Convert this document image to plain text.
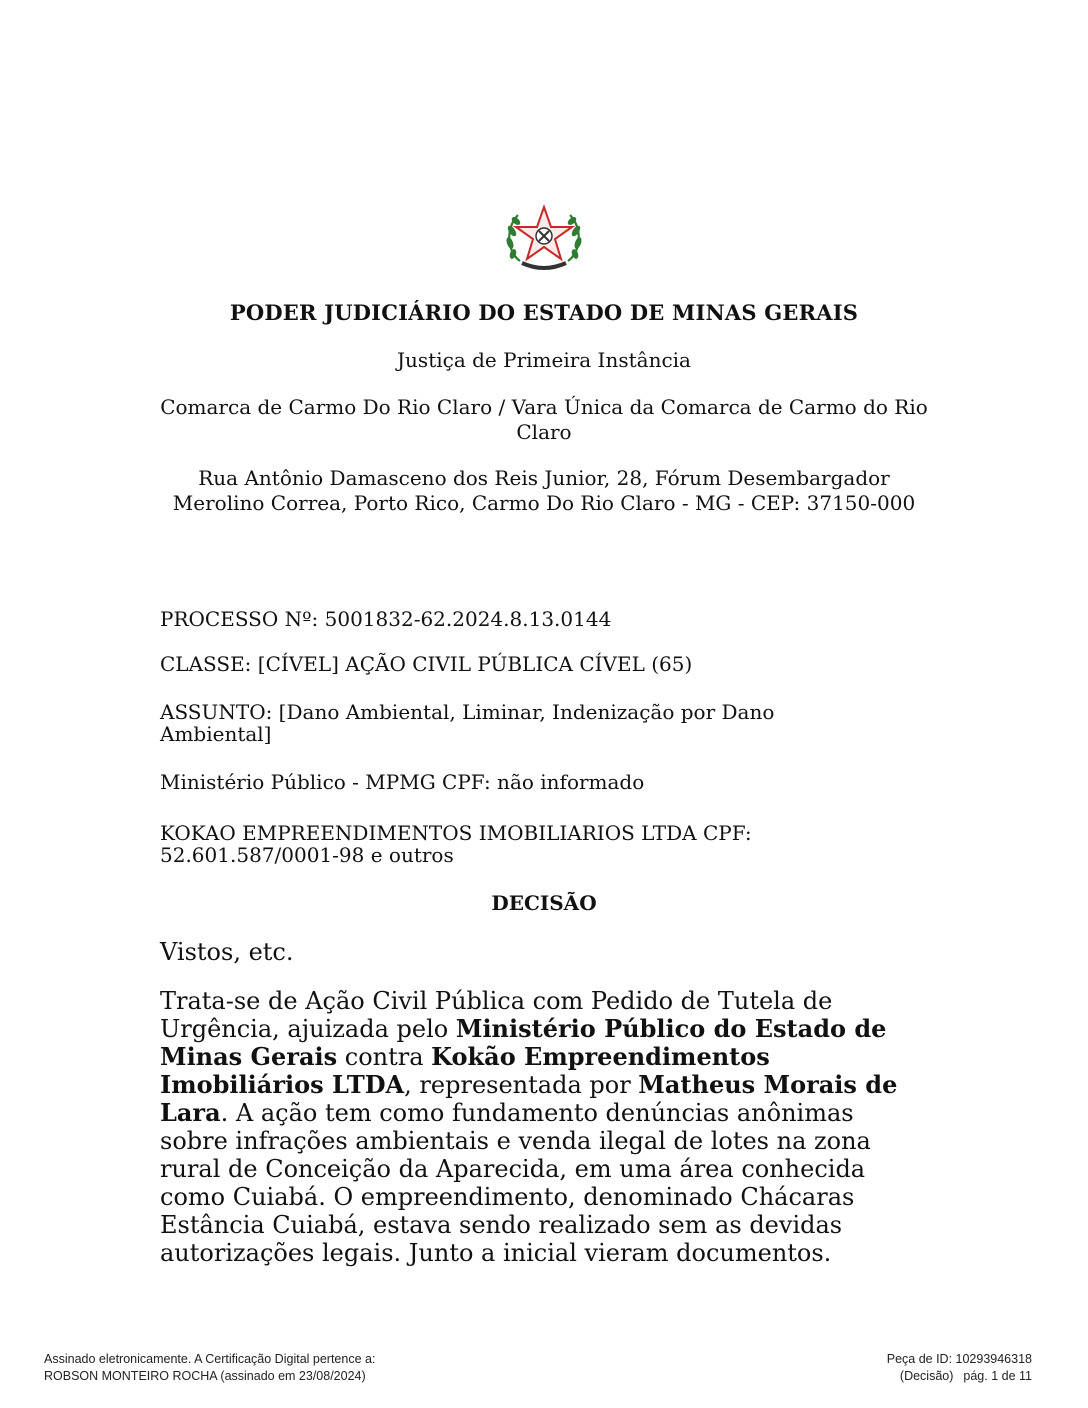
PODER JUDICIÁRIO DO ESTADO DE MINAS GERAIS
Justiça de Primeira Instância
Comarca de Carmo Do Rio Claro / Vara Única da Comarca de Carmo do Rio Claro
Rua Antônio Damasceno dos Reis Junior, 28, Fórum Desembargador Merolino Correa, Porto Rico, Carmo Do Rio Claro - MG - CEP: 37150-000
PROCESSO Nº: 5001832-62.2024.8.13.0144
CLASSE: [CÍVEL] AÇÃO CIVIL PÚBLICA CÍVEL (65)
ASSUNTO: [Dano Ambiental, Liminar, Indenização por Dano Ambiental]
Ministério Público - MPMG CPF: não informado
KOKAO EMPREENDIMENTOS IMOBILIARIOS LTDA CPF: 52.601.587/0001-98 e outros
DECISÃO
Vistos, etc.
Trata-se de Ação Civil Pública com Pedido de Tutela de Urgência, ajuizada pelo Ministério Público do Estado de Minas Gerais contra Kokão Empreendimentos Imobiliários LTDA, representada por Matheus Morais de Lara. A ação tem como fundamento denúncias anônimas sobre infrações ambientais e venda ilegal de lotes na zona rural de Conceição da Aparecida, em uma área conhecida como Cuiabá. O empreendimento, denominado Chácaras Estância Cuiabá, estava sendo realizado sem as devidas autorizações legais. Junto a inicial vieram documentos.
Assinado eletronicamente. A Certificação Digital pertence a:
ROBSON MONTEIRO ROCHA (assinado em 23/08/2024)
Peça de ID: 10293946318
(Decisão) pág. 1 de 11
